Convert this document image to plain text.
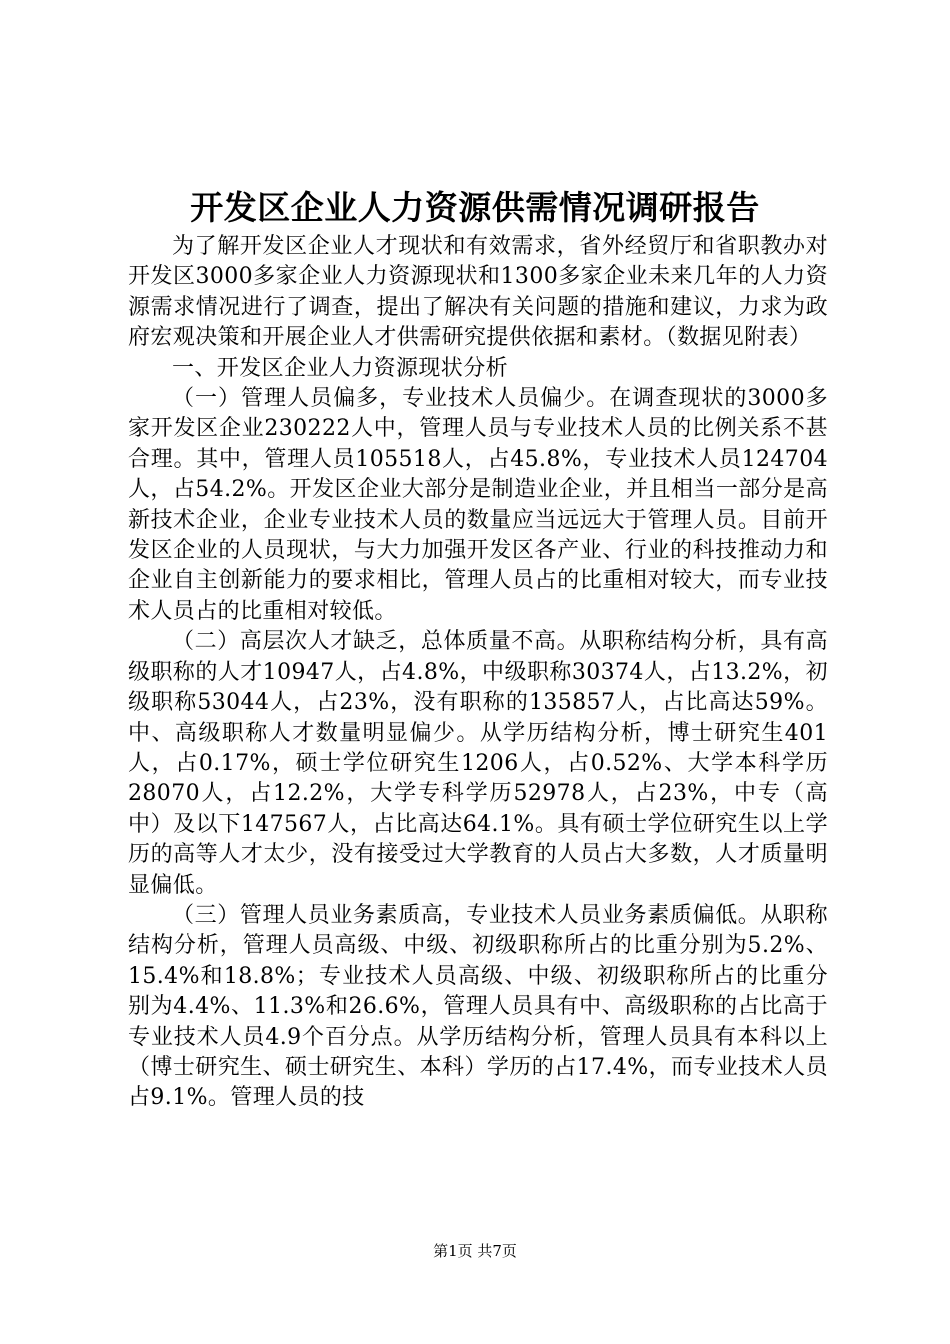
开发区企业人力资源供需情况调研报告

为了解开发区企业人才现状和有效需求，省外经贸厅和省职教办对开发区3000多家企业人力资源现状和1300多家企业未来几年的人力资源需求情况进行了调查，提出了解决有关问题的措施和建议，力求为政府宏观决策和开展企业人才供需研究提供依据和素材。（数据见附表）

一、开发区企业人力资源现状分析

（一）管理人员偏多，专业技术人员偏少。在调查现状的3000多家开发区企业230222人中，管理人员与专业技术人员的比例关系不甚合理。其中，管理人员105518人，占45.8%，专业技术人员124704人，占54.2%。开发区企业大部分是制造业企业，并且相当一部分是高新技术企业，企业专业技术人员的数量应当远远大于管理人员。目前开发区企业的人员现状，与大力加强开发区各产业、行业的科技推动力和企业自主创新能力的要求相比，管理人员占的比重相对较大，而专业技术人员占的比重相对较低。

（二）高层次人才缺乏，总体质量不高。从职称结构分析，具有高级职称的人才10947人，占4.8%，中级职称30374人，占13.2%，初级职称53044人，占23%，没有职称的135857人，占比高达59%。中、高级职称人才数量明显偏少。从学历结构分析，博士研究生401人，占0.17%，硕士学位研究生1206人，占0.52%、大学本科学历28070人，占12.2%，大学专科学历52978人，占23%，中专（高中）及以下147567人，占比高达64.1%。具有硕士学位研究生以上学历的高等人才太少，没有接受过大学教育的人员占大多数，人才质量明显偏低。

（三）管理人员业务素质高，专业技术人员业务素质偏低。从职称结构分析，管理人员高级、中级、初级职称所占的比重分别为5.2%、15.4%和18.8%；专业技术人员高级、中级、初级职称所占的比重分别为4.4%、11.3%和26.6%，管理人员具有中、高级职称的占比高于专业技术人员4.9个百分点。从学历结构分析，管理人员具有本科以上（博士研究生、硕士研究生、本科）学历的占17.4%，而专业技术人员占9.1%。管理人员的技

第1页 共7页
